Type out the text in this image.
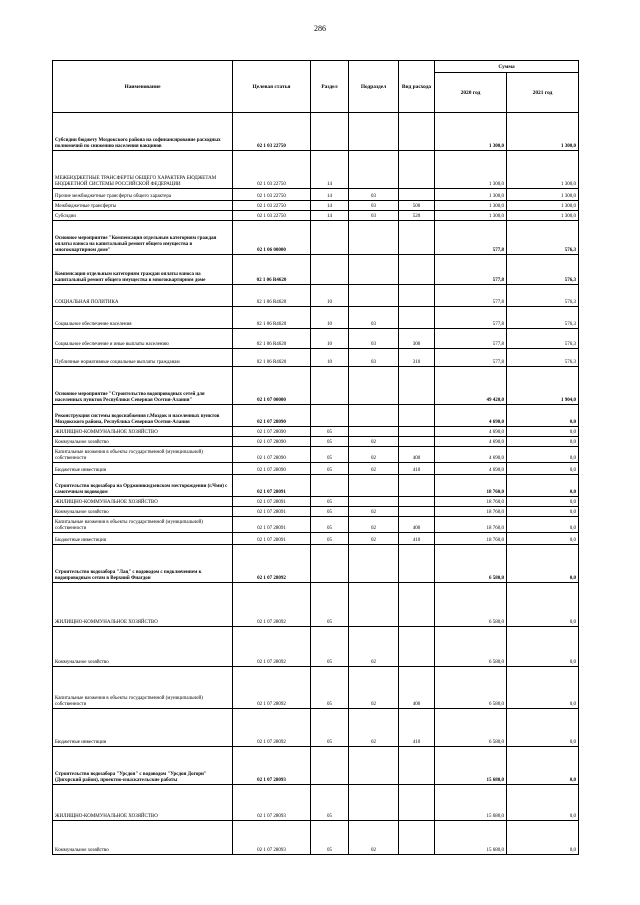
286
Наименование	Целевая статья	Раздел	Подраздел	Вид расхода	Сумма	
					2020 год	2021 год
Субсидии бюджету Моздокского района на софинансирование расходных полномочий по снижению населения вакцинов	02 1 03 22750				1 300,0	1 300,0
МЕЖБЮДЖЕТНЫЕ ТРАНСФЕРТЫ ОБЩЕГО ХАРАКТЕРА БЮДЖЕТАМ БЮДЖЕТНОЙ СИСТЕМЫ РОССИЙСКОЙ ФЕДЕРАЦИИ	02 1 03 22750	14			1 300,0	1 300,0
Прочие межбюджетные трансферты общего характера	02 1 03 22750	14	03		1 300,0	1 300,0
Межбюджетные трансферты	02 1 03 22750	14	03	500	1 300,0	1 300,0
Субсидии	02 1 03 22750	14	03	520	1 300,0	1 300,0
Основное мероприятие "Компенсация отдельным категориям граждан оплаты взноса на капитальный ремонт общего имущества в многоквартирном доме"	02 1 06 00000				577,8	576,3
Компенсация отдельным категориям граждан оплаты взноса на капитальный ремонт общего имущества в многоквартирном доме	02 1 06 R4620				577,8	576,3
СОЦИАЛЬНАЯ ПОЛИТИКА	02 1 06 R4620	10			577,8	576,3
Социальное обеспечение населения	02 1 06 R4620	10	03		577,8	576,3
Социальное обеспечение и иные выплаты населению	02 1 06 R4620	10	03	300	577,8	576,3
Публичные нормативные социальные выплаты гражданам	02 1 06 R4620	10	03	310	577,8	576,3
Основное мероприятие "Строительство водопроводных сетей для населенных пунктов Республики Северная Осетия-Алания"	02 1 07 00000				49 420,0	1 904,0
Реконструкция системы водоснабжения г.Моздок и населенных пунктов Моздокского района, Республика Северная Осетия-Алания	02 1 07 28090				4 690,0	0,0
ЖИЛИЩНО-КОММУНАЛЬНОЕ ХОЗЯЙСТВО	02 1 07 28090	05			4 690,0	0,0
Коммунальное хозяйство	02 1 07 28090	05	02		4 690,0	0,0
Капитальные вложения в объекты государственной (муниципальной) собственности	02 1 07 28090	05	02	400	4 690,0	0,0
Бюджетные инвестиции	02 1 07 28090	05	02	410	4 690,0	0,0
Строительство водозабора на Орджоникидзевском месторождении (г.Чми) с самотечным водоводом	02 1 07 28091				18 760,0	0,0
ЖИЛИЩНО-КОММУНАЛЬНОЕ ХОЗЯЙСТВО	02 1 07 28091	05			18 760,0	0,0
Коммунальное хозяйство	02 1 07 28091	05	02		18 760,0	0,0
Капитальные вложения в объекты государственной (муниципальной) собственности	02 1 07 28091	05	02	400	18 760,0	0,0
Бюджетные инвестиции	02 1 07 28091	05	02	410	18 760,0	0,0
Строительство водозабора "Лац" с водоводом с подключением к водопроводным сетям в Верхний Фиагдон	02 1 07 28092				6 580,0	0,0
ЖИЛИЩНО-КОММУНАЛЬНОЕ ХОЗЯЙСТВО	02 1 07 28092	05			6 580,0	0,0
Коммунальное хозяйство	02 1 07 28092	05	02		6 580,0	0,0
Капитальные вложения в объекты государственной (муниципальной) собственности	02 1 07 28092	05	02	400	6 580,0	0,0
Бюджетные инвестиции	02 1 07 28092	05	02	410	6 580,0	0,0
Строительство водозабора "Урсдон" с водоводом "Урсдон Догори" (Дигорский район), проектно-изыскательские работы	02 1 07 28093				15 680,0	0,0
ЖИЛИЩНО-КОММУНАЛЬНОЕ ХОЗЯЙСТВО	02 1 07 28093	05			15 680,0	0,0
Коммунальное хозяйство	02 1 07 28093	05	02		15 680,0	0,0
